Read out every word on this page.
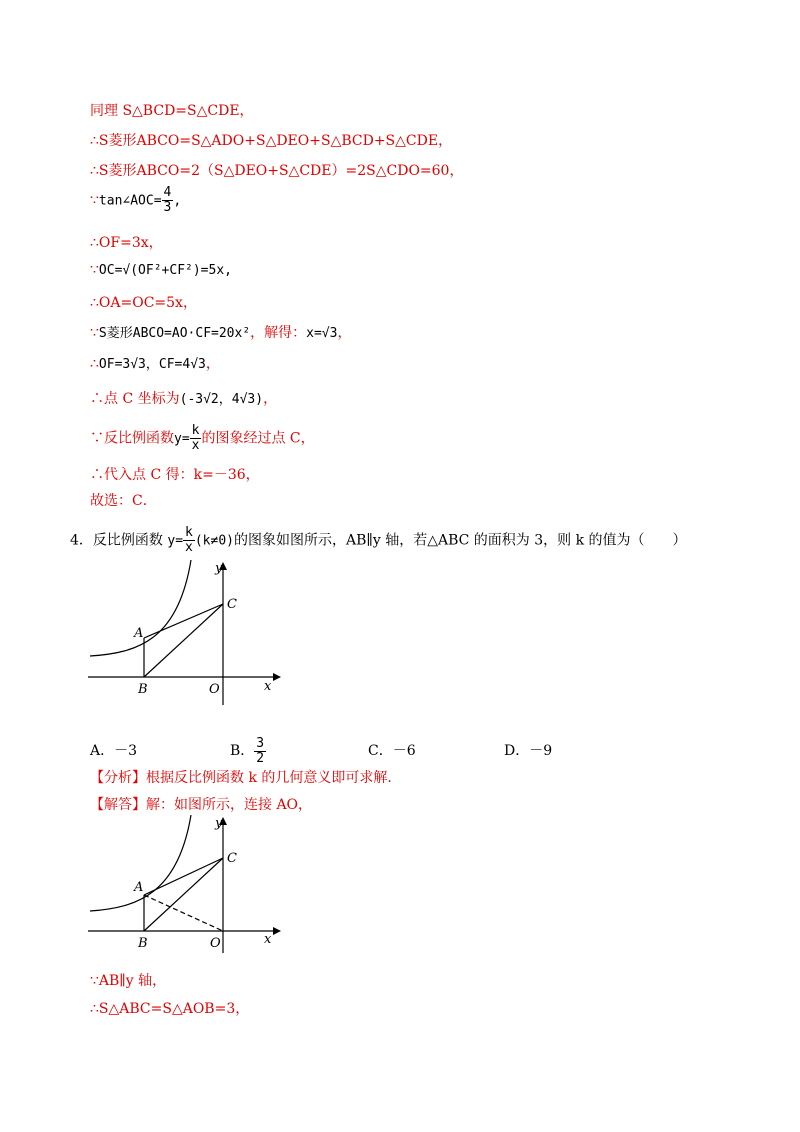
同理 S△BCD=S△CDE，
∴S菱形ABCO=S△ADO+S△DEO+S△BCD+S△CDE，
∴S菱形ABCO=2（S△DEO+S△CDE）=2S△CDO=60，
∵tan∠AOC= $\frac{4}{3}$ ,
∴OF=3x，
∵OC=√(OF²+CF²)=5x,
∴OA=OC=5x，
∵S菱形ABCO=AO·CF=20x²，解得：x=√3，
∴OF=3√3，CF=4√3，
∴点 C 坐标为(-3√2，4√3)，
∵反比例函数$y= \frac{k}{x}$ 的图象经过点 C，
∴代入点 C 得：k=－36，
故选：C．
4．反比例函数 $y= \frac{k}{x} (k\ne 0)$的图象如图所示，AB∥y 轴，若△ABC 的面积为 3，则 k 的值为（　　）
y
x
A
B
C
O
A．－3	B． $\frac{3}{2}$	C．－6	D．－9
【分析】根据反比例函数 k 的几何意义即可求解.
【解答】解：如图所示，连接 AO，
y
x
A
B
C
O
∵AB∥y 轴，
∴S△ABC=S△AOB=3，
